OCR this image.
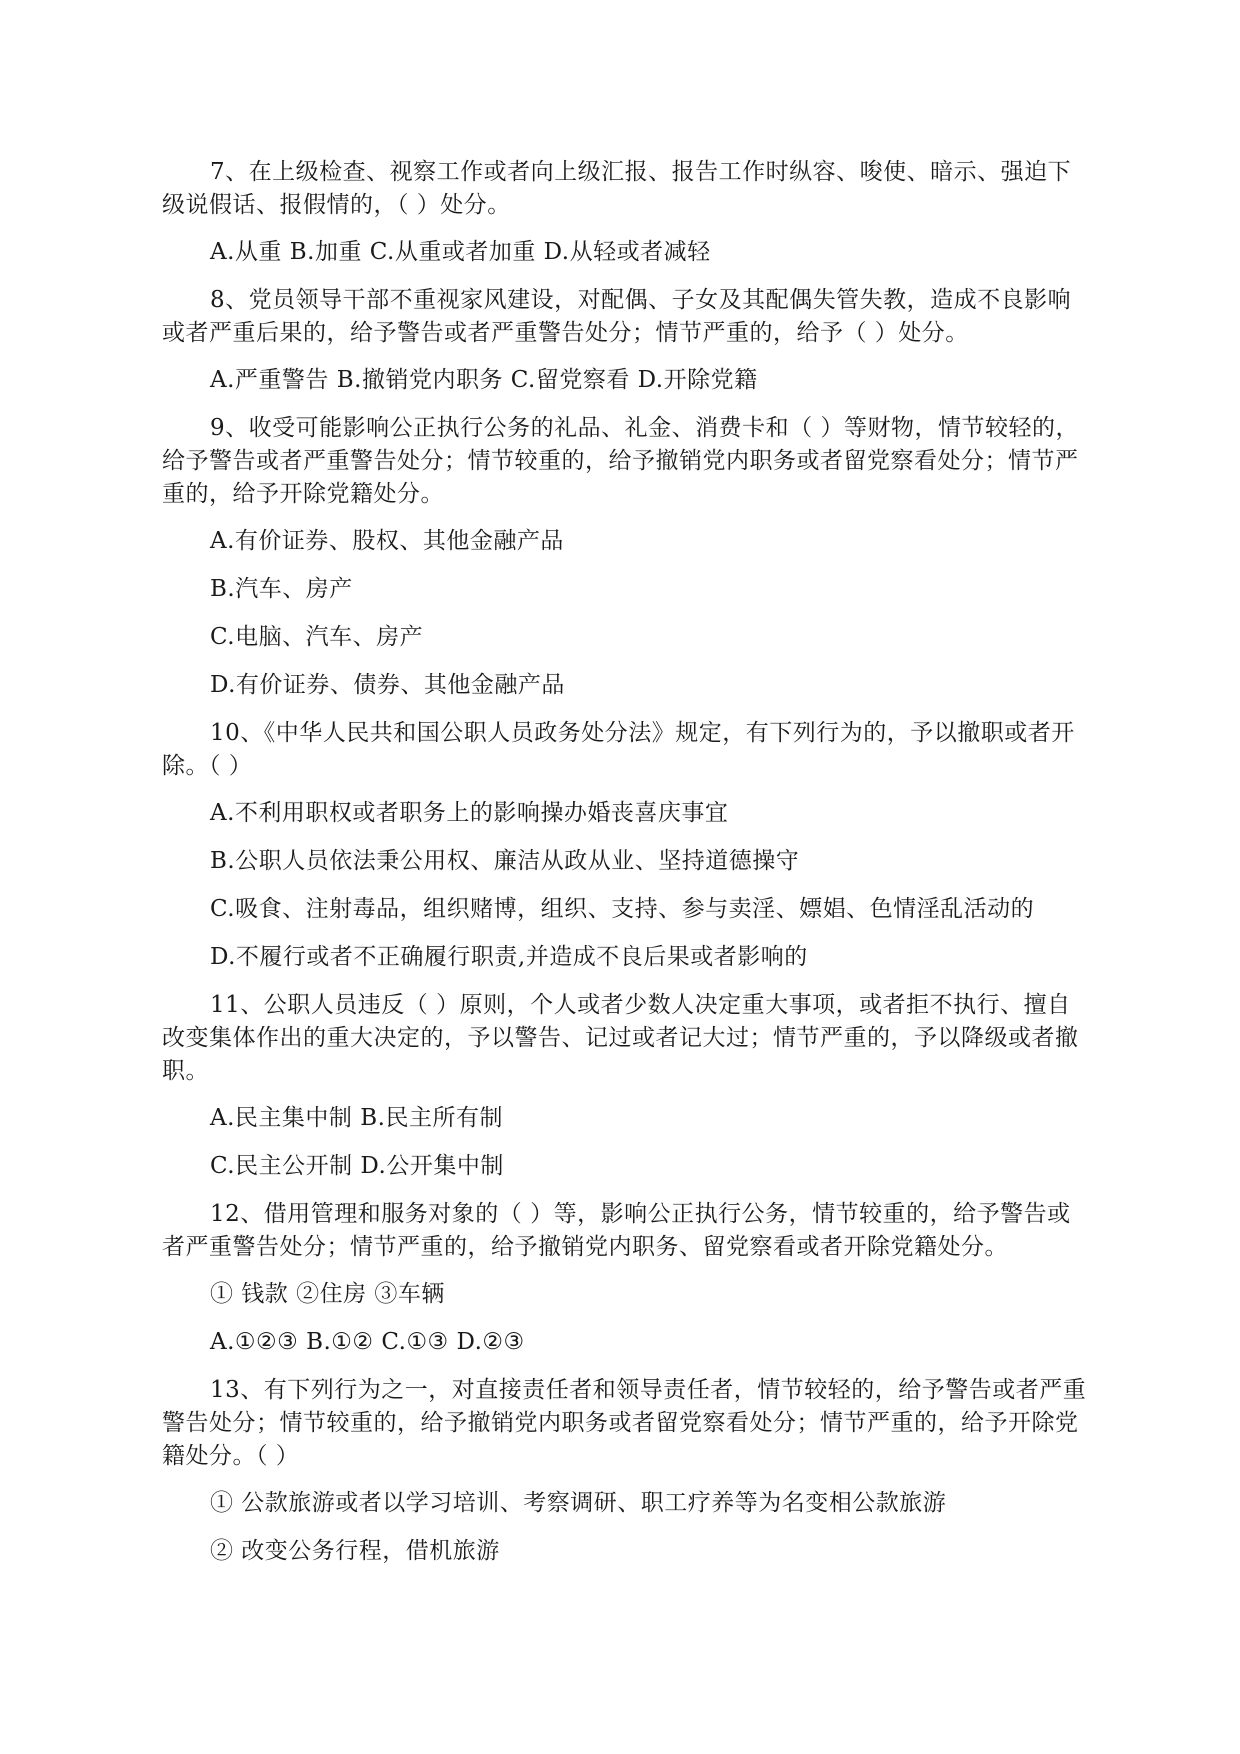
7、在上级检查、视察工作或者向上级汇报、报告工作时纵容、唆使、暗示、强迫下级说假话、报假情的，（ ）处分。

A.从重 B.加重 C.从重或者加重 D.从轻或者减轻

8、党员领导干部不重视家风建设，对配偶、子女及其配偶失管失教，造成不良影响或者严重后果的，给予警告或者严重警告处分；情节严重的，给予（ ）处分。

A.严重警告 B.撤销党内职务 C.留党察看 D.开除党籍

9、收受可能影响公正执行公务的礼品、礼金、消费卡和（ ）等财物，情节较轻的，给予警告或者严重警告处分；情节较重的，给予撤销党内职务或者留党察看处分；情节严重的，给予开除党籍处分。

A.有价证券、股权、其他金融产品

B.汽车、房产

C.电脑、汽车、房产

D.有价证券、债券、其他金融产品

10、《中华人民共和国公职人员政务处分法》规定，有下列行为的，予以撤职或者开除。（ ）

A.不利用职权或者职务上的影响操办婚丧喜庆事宜

B.公职人员依法秉公用权、廉洁从政从业、坚持道德操守

C.吸食、注射毒品，组织赌博，组织、支持、参与卖淫、嫖娼、色情淫乱活动的

D.不履行或者不正确履行职责,并造成不良后果或者影响的

11、公职人员违反（ ）原则，个人或者少数人决定重大事项，或者拒不执行、擅自改变集体作出的重大决定的，予以警告、记过或者记大过；情节严重的，予以降级或者撤职。

A.民主集中制 B.民主所有制

C.民主公开制 D.公开集中制

12、借用管理和服务对象的（ ）等，影响公正执行公务，情节较重的，给予警告或者严重警告处分；情节严重的，给予撤销党内职务、留党察看或者开除党籍处分。

① 钱款 ②住房 ③车辆

A.①②③ B.①② C.①③ D.②③

13、有下列行为之一，对直接责任者和领导责任者，情节较轻的，给予警告或者严重警告处分；情节较重的，给予撤销党内职务或者留党察看处分；情节严重的，给予开除党籍处分。（ ）

① 公款旅游或者以学习培训、考察调研、职工疗养等为名变相公款旅游

② 改变公务行程，借机旅游
